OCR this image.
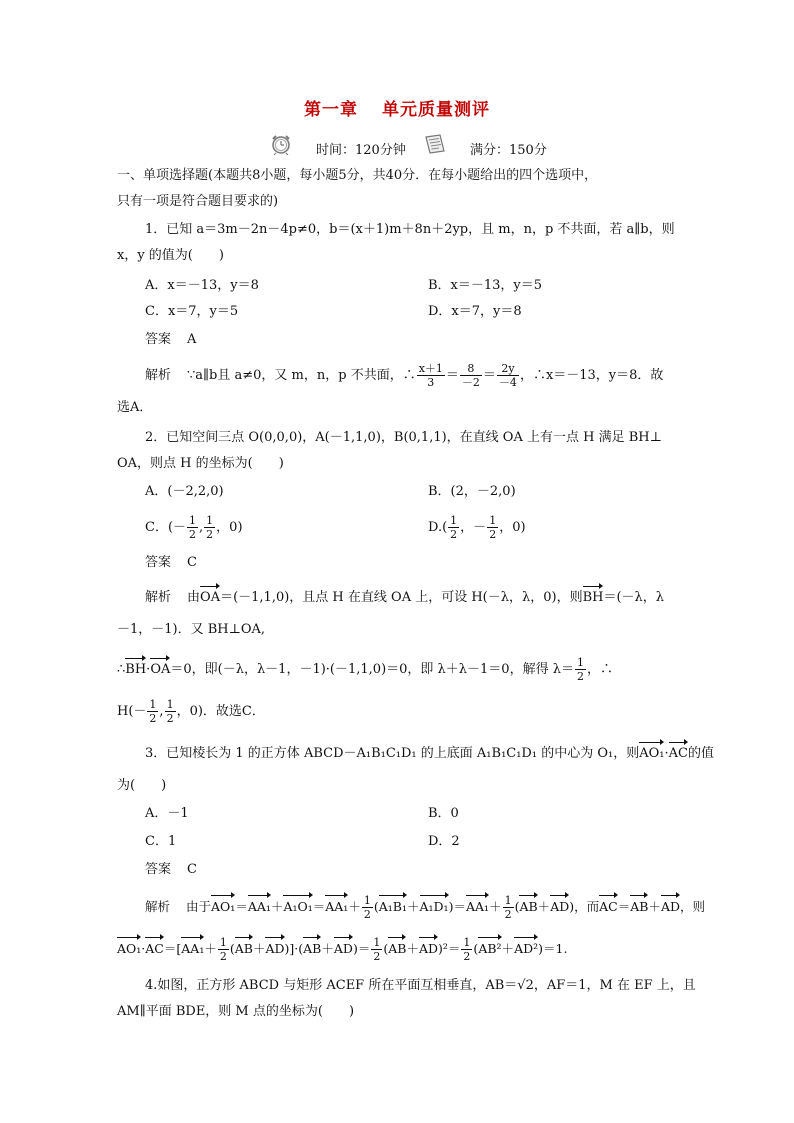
第一章 单元质量测评
时间：120分钟	满分：150分
一、单项选择题(本题共8小题，每小题5分，共40分．在每小题给出的四个选项中，
只有一项是符合题目要求的)
1．已知 a＝3m－2n－4p≠0，b＝(x＋1)m＋8n＋2yp，且 m，n，p 不共面，若 a∥b，则
x，y 的值为(　　)
A．x＝－13，y＝8	B．x＝－13，y＝5
C．x＝7，y＝5	D．x＝7，y＝8
答案 A
解析 ∵a∥b且 a≠0，又 m，n，p 不共面，∴ $\frac{x+1}{3} = \frac{8}{-2} = \frac{2y}{-4}$ ，∴x＝－13，y＝8．故
选A．
2．已知空间三点 O(0,0,0)，A(－1,1,0)，B(0,1,1)，在直线 OA 上有一点 H 满足 BH⊥
OA，则点 H 的坐标为(　　)
A．(－2,2,0)	B．(2，－2,0)
C．(－ $\frac{1}{2}$ , $\frac{1}{2}$ ，0)	$D.( \frac{1}{2}$ ，－ $\frac{1}{2}$ ，0)
答案 C
解析 由OA＝(－1,1,0)，且点 H 在直线 OA 上，可设 H(－λ，λ，0)，则BH＝(－λ，λ
－1，－1)．又 BH⊥OA,
∴BH·OA＝0，即(－λ，λ－1，－1)·(－1,1,0)＝0，即 λ＋λ－1＝0，解得 $\lambda= \frac{1}{2}$ ，∴
$H(- \frac{1}{2}$ , $\frac{1}{2}$ ，0)．故选C．
3．已知棱长为 1 的正方体 ABCD－A₁B₁C₁D₁ 的上底面 A₁B₁C₁D₁ 的中心为 O₁，则AO₁·AC的值
为(　　)
A．－1	B．0
C．1	D．2
答案 C
解析 由于$AO_1=AA_1+A_1O_1=AA_1+ \frac{1}{2} (A_1B_1+A_1D_1)=AA_1+ \frac{1}{2} (AB+AD)$，而AC＝AB＋AD，则
$AO_1\cdot AC=[AA_1+ \frac{1}{2} (AB+AD)]\cdot(AB+AD)= \frac{1}{2} (AB+AD)^2= \frac{1}{2} (AB^2+AD^2)=1$.
4.如图，正方形 ABCD 与矩形 ACEF 所在平面互相垂直，AB＝√2，AF＝1，M 在 EF 上，且
AM∥平面 BDE，则 M 点的坐标为(　　)
